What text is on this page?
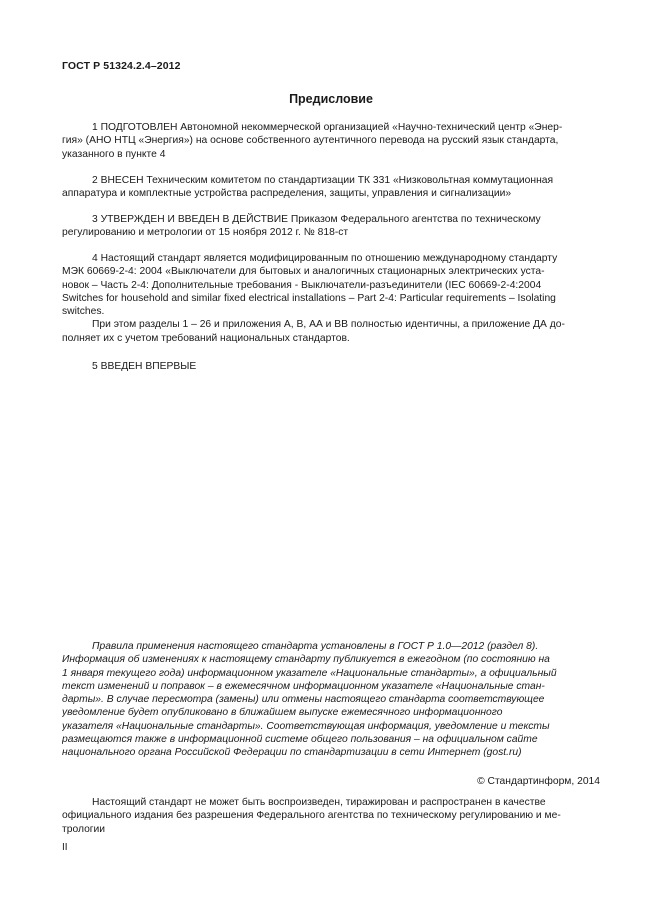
ГОСТ Р 51324.2.4–2012
Предисловие
1 ПОДГОТОВЛЕН Автономной некоммерческой организацией «Научно-технический центр «Энер-
гия» (АНО НТЦ «Энергия») на основе собственного аутентичного перевода на русский язык стандарта,
указанного в пункте 4
2 ВНЕСЕН Техническим комитетом по стандартизации ТК 331 «Низковольтная коммутационная
аппаратура и комплектные устройства распределения, защиты, управления и сигнализации»
3 УТВЕРЖДЕН И ВВЕДЕН В ДЕЙСТВИЕ Приказом Федерального агентства по техническому
регулированию и метрологии от 15 ноября 2012 г. № 818-ст
4 Настоящий стандарт является модифицированным по отношению международному стандарту
МЭК 60669-2-4: 2004 «Выключатели для бытовых и аналогичных стационарных электрических уста-
новок – Часть 2-4: Дополнительные требования - Выключатели-разъединители (IEC 60669-2-4:2004
Switches for household and similar fixed electrical installations – Part 2-4: Particular requirements – Isolating
switches.
При этом разделы 1 – 26 и приложения А, В, АА и ВВ полностью идентичны, а приложение ДА до-
полняет их с учетом требований национальных стандартов.
5 ВВЕДЕН ВПЕРВЫЕ
Правила применения настоящего стандарта установлены в ГОСТ Р 1.0—2012 (раздел 8).
Информация об изменениях к настоящему стандарту публикуется в ежегодном (по состоянию на
1 января текущего года) информационном указателе «Национальные стандарты», а официальный
текст изменений и поправок – в ежемесячном информационном указателе «Национальные стан-
дарты». В случае пересмотра (замены) или отмены настоящего стандарта соответствующее
уведомление будет опубликовано в ближайшем выпуске ежемесячного информационного
указателя «Национальные стандарты». Соответствующая информация, уведомление и тексты
размещаются также в информационной системе общего пользования – на официальном сайте
национального органа Российской Федерации по стандартизации в сети Интернет (gost.ru)
© Стандартинформ, 2014
Настоящий стандарт не может быть воспроизведен, тиражирован и распространен в качестве
официального издания без разрешения Федерального агентства по техническому регулированию и ме-
трологии
II
